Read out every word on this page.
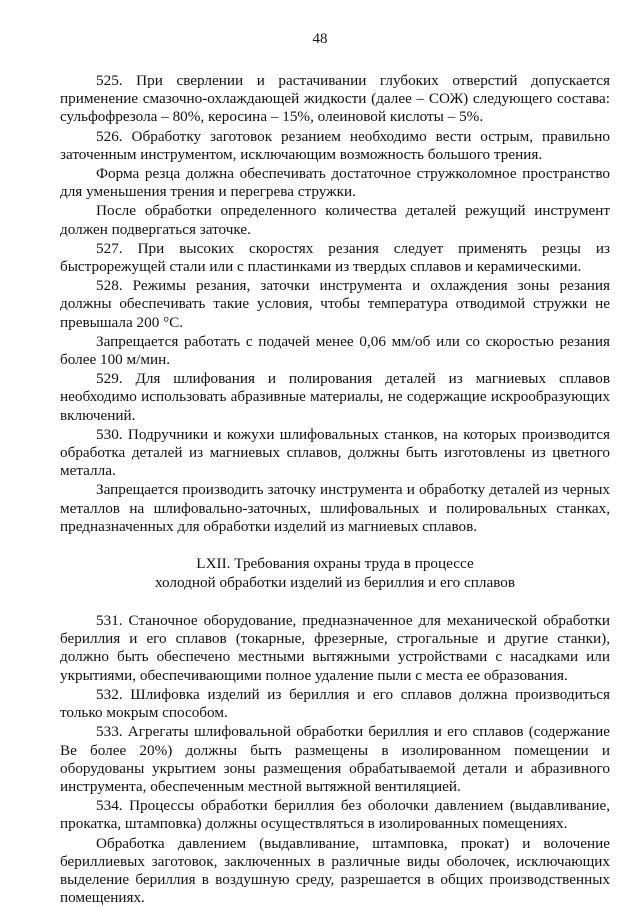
48

525. При сверлении и растачивании глубоких отверстий допускается применение смазочно-охлаждающей жидкости (далее – СОЖ) следующего состава: сульфофрезола – 80%, керосина – 15%, олеиновой кислоты – 5%.

526. Обработку заготовок резанием необходимо вести острым, правильно заточенным инструментом, исключающим возможность большого трения.

Форма резца должна обеспечивать достаточное стружколомное пространство для уменьшения трения и перегрева стружки.

После обработки определенного количества деталей режущий инструмент должен подвергаться заточке.

527. При высоких скоростях резания следует применять резцы из быстрорежущей стали или с пластинками из твердых сплавов и керамическими.

528. Режимы резания, заточки инструмента и охлаждения зоны резания должны обеспечивать такие условия, чтобы температура отводимой стружки не превышала 200 °С.

Запрещается работать с подачей менее 0,06 мм/об или со скоростью резания более 100 м/мин.

529. Для шлифования и полирования деталей из магниевых сплавов необходимо использовать абразивные материалы, не содержащие искрообразующих включений.

530. Подручники и кожухи шлифовальных станков, на которых производится обработка деталей из магниевых сплавов, должны быть изготовлены из цветного металла.

Запрещается производить заточку инструмента и обработку деталей из черных металлов на шлифовально-заточных, шлифовальных и полировальных станках, предназначенных для обработки изделий из магниевых сплавов.

LXII. Требования охраны труда в процессе
холодной обработки изделий из бериллия и его сплавов

531. Станочное оборудование, предназначенное для механической обработки бериллия и его сплавов (токарные, фрезерные, строгальные и другие станки), должно быть обеспечено местными вытяжными устройствами с насадками или укрытиями, обеспечивающими полное удаление пыли с места ее образования.

532. Шлифовка изделий из бериллия и его сплавов должна производиться только мокрым способом.

533. Агрегаты шлифовальной обработки бериллия и его сплавов (содержание Be более 20%) должны быть размещены в изолированном помещении и оборудованы укрытием зоны размещения обрабатываемой детали и абразивного инструмента, обеспеченным местной вытяжной вентиляцией.

534. Процессы обработки бериллия без оболочки давлением (выдавливание, прокатка, штамповка) должны осуществляться в изолированных помещениях.

Обработка давлением (выдавливание, штамповка, прокат) и волочение бериллиевых заготовок, заключенных в различные виды оболочек, исключающих выделение бериллия в воздушную среду, разрешается в общих производственных помещениях.
